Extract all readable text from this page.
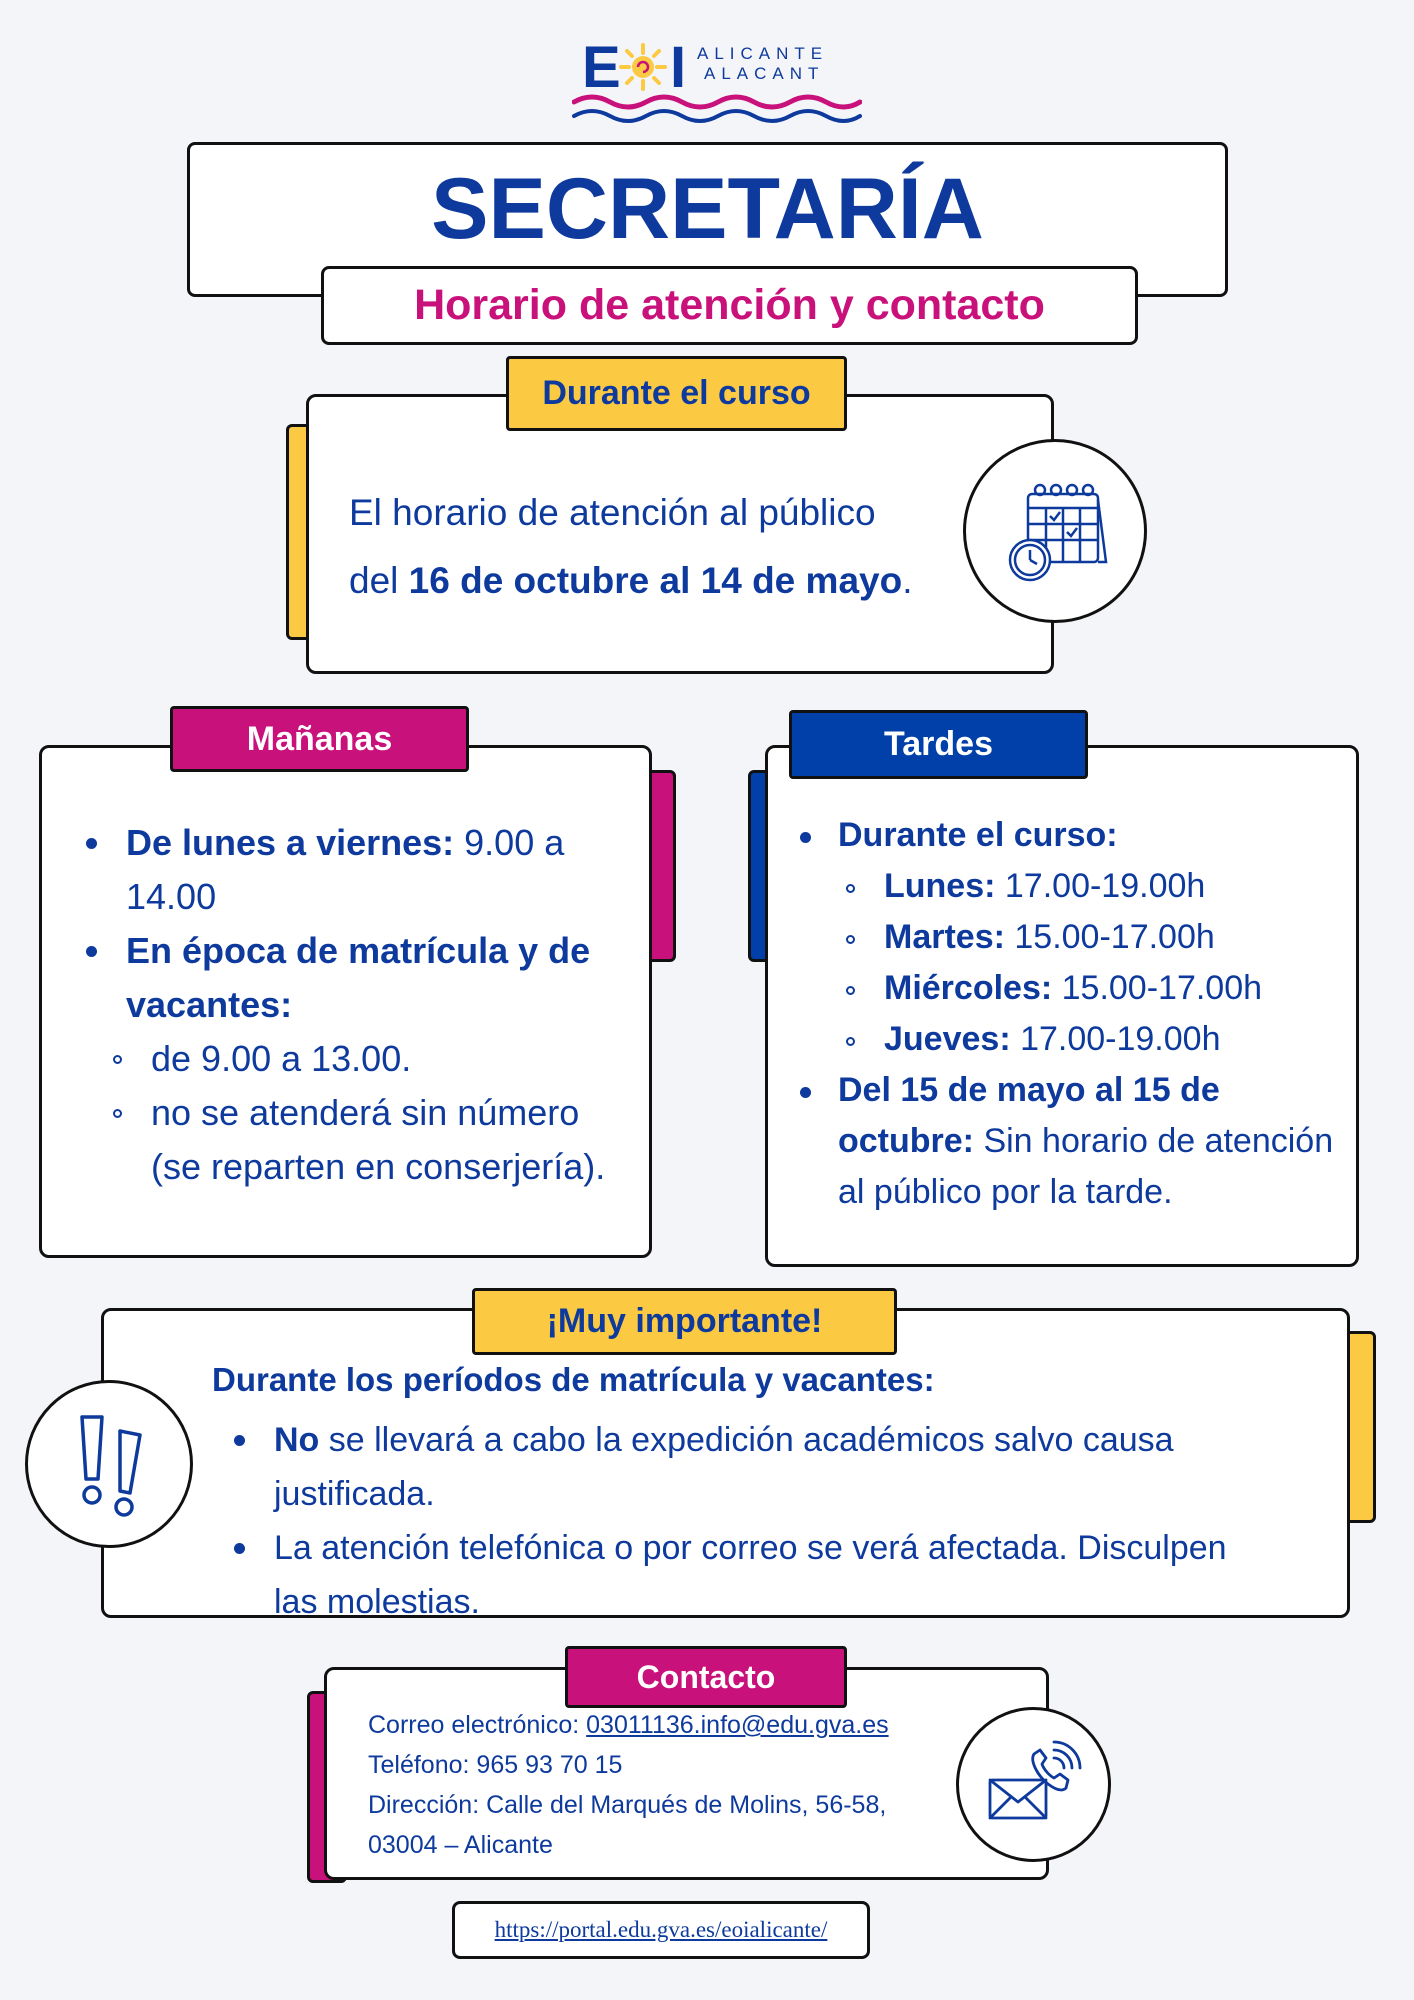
E I ALICANTE
ALACANT
SECRETARÍA
Horario de atención y contacto
El horario de atención al público
del 16 de octubre al 14 de mayo.
Durante el curso
De lunes a viernes: 9.00 a 14.00
En época de matrícula y de vacantes:
de 9.00 a 13.00.
no se atenderá sin número (se reparten en conserjería).
Mañanas
Durante el curso:
Lunes: 17.00-19.00h
Martes: 15.00-17.00h
Miércoles: 15.00-17.00h
Jueves: 17.00-19.00h
Del 15 de mayo al 15 de octubre: Sin horario de atención al público por la tarde.
Tardes
Durante los períodos de matrícula y vacantes:
No se llevará a cabo la expedición académicos salvo causa justificada.
La atención telefónica o por correo se verá afectada. Disculpen las molestias.
¡Muy importante!
Correo electrónico: 03011136.info@edu.gva.es
Teléfono: 965 93 70 15
Dirección: Calle del Marqués de Molins, 56-58,
03004 – Alicante
Contacto
https://portal.edu.gva.es/eoialicante/
